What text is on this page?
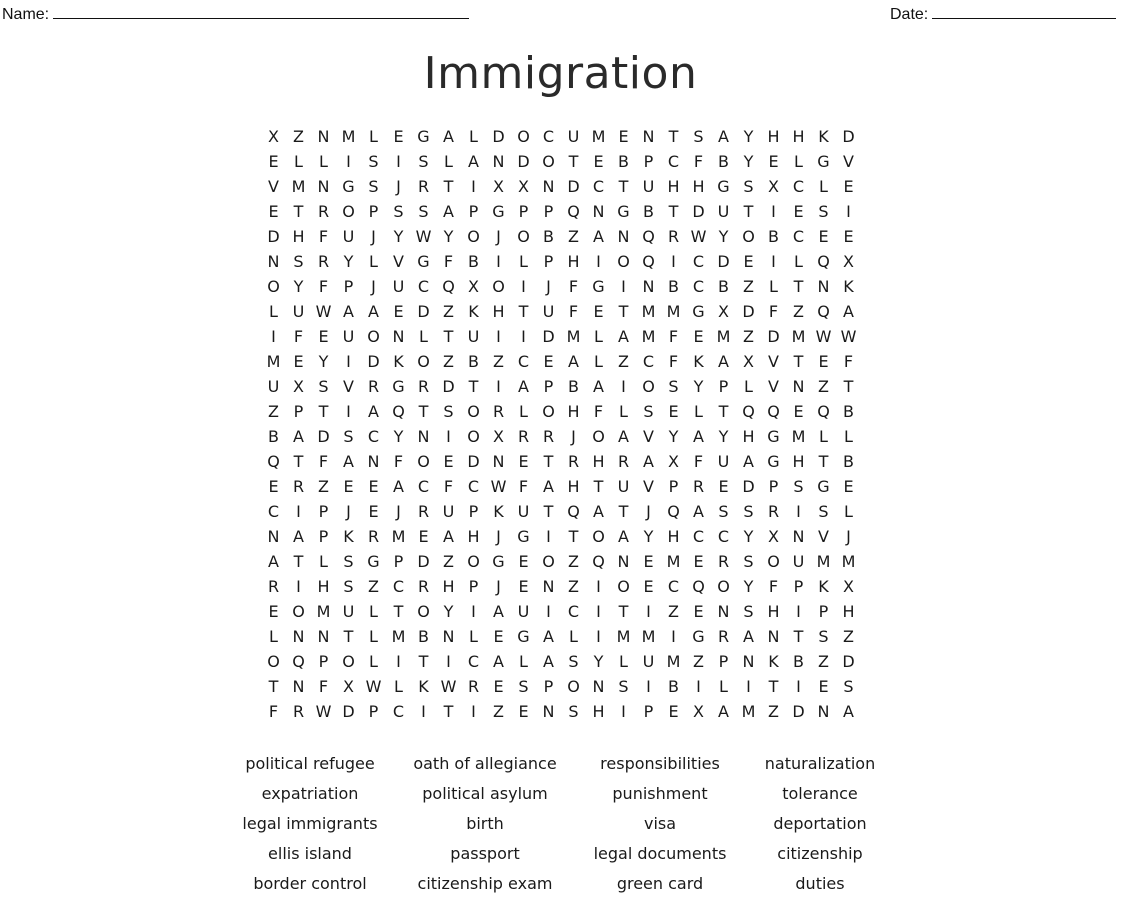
Name:	Date:
Immigration
X Z N M L E G A L D O C U M E N T S A Y H H K D
E L	L	I	S	I	S L A N D O T E B P C F B Y E L G V
V M N G S	J	R T	I	X X N D C T U H H G S X C L E
E T R O P S S A P G P P Q N G B T D U T	I	E S	I
D H F U	J	Y W Y O	J	O B Z A N Q R W Y O B C E E
N S R Y L V G F B	I	L P H	I	O Q	I	C D E	I	L Q X
O Y F P	J	U C Q X O	I	J	F G	I	N B C B Z L T N K
L U W A A E D Z K H T U F E T M M G X D F Z Q A
I	F E U O N L T U	I	I	D M L A M F E M Z D M W W
M E Y	I	D K O Z B Z C E A L Z C F K A X V T E F
U X S V R G R D T	I	A P B A	I	O S Y P L V N Z T
Z P T	I	A Q T S O R L O H F L S E L T Q Q E Q B
B A D S C Y N	I	O X R R	J	O A V Y A Y H G M L	L
Q T F A N F O E D N E T R H R A X F U A G H T B
E R Z E E A C F C W F A H T U V P R E D P S G E
C	I	P	J	E	J	R U P K U T Q A T	J	Q A S S R	I	S L
N A P K R M E A H	J	G	I	T O A Y H C C Y X N V	J
A T L S G P D Z O G E O Z Q N E M E R S O U M M
R	I	H S Z C R H P	J	E N Z	I	O E C Q O Y F P K X
E O M U L T O Y	I	A U	I	C	I	T	I	Z E N S H	I	P H
L N N T L M B N L E G A L	I M M I	G R A N T S Z
O Q P O L	I	T	I	C A L A S Y L U M Z P N K B Z D
T N F X W L K W R E S P O N S	I	B	I	L	I	T	I	E S
F R W D P C	I	T	I	Z E N S H	I	P E X A M Z D N A
political refugee	oath of allegiance	responsibilities	naturalization
expatriation	political asylum	punishment	tolerance
legal immigrants	birth	visa	deportation
ellis island	passport	legal documents	citizenship
border control	citizenship exam	green card	duties
